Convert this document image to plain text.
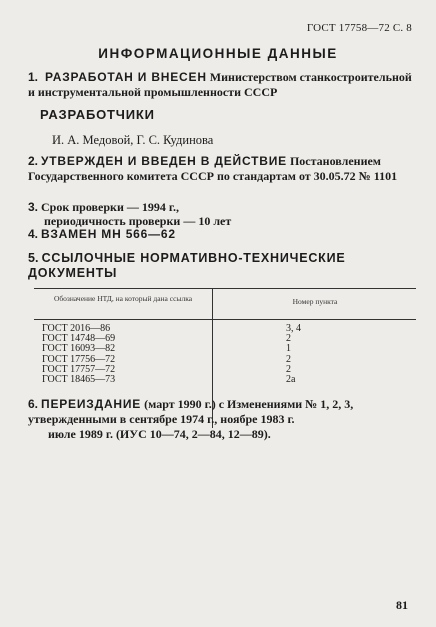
ГОСТ 17758—72 С. 8
ИНФОРМАЦИОННЫЕ ДАННЫЕ
1. РАЗРАБОТАН И ВНЕСЕН Министерством станкостроительной и инструментальной промышленности СССР
РАЗРАБОТЧИКИ
И. А. Медовой, Г. С. Кудинова
2. УТВЕРЖДЕН И ВВЕДЕН В ДЕЙСТВИЕ Постановлением Государственного комитета СССР по стандартам от 30.05.72 № 1101
3. Срок проверки — 1994 г.,
периодичность проверки — 10 лет
4. ВЗАМЕН МН 566—62
5. ССЫЛОЧНЫЕ НОРМАТИВНО-ТЕХНИЧЕСКИЕ ДОКУМЕНТЫ
Обозначение НТД, на который дана ссылка	Номер пункта
ГОСТ 2016—86
ГОСТ 14748—69
ГОСТ 16093—82
ГОСТ 17756—72
ГОСТ 17757—72
ГОСТ 18465—73
3, 4
2
1
2
2
2а
6. ПЕРЕИЗДАНИЕ (март 1990 г.) с Изменениями № 1, 2, 3, утвержденными в сентябре 1974 г., ноябре 1983 г.
июле 1989 г. (ИУС 10—74, 2—84, 12—89).
81
